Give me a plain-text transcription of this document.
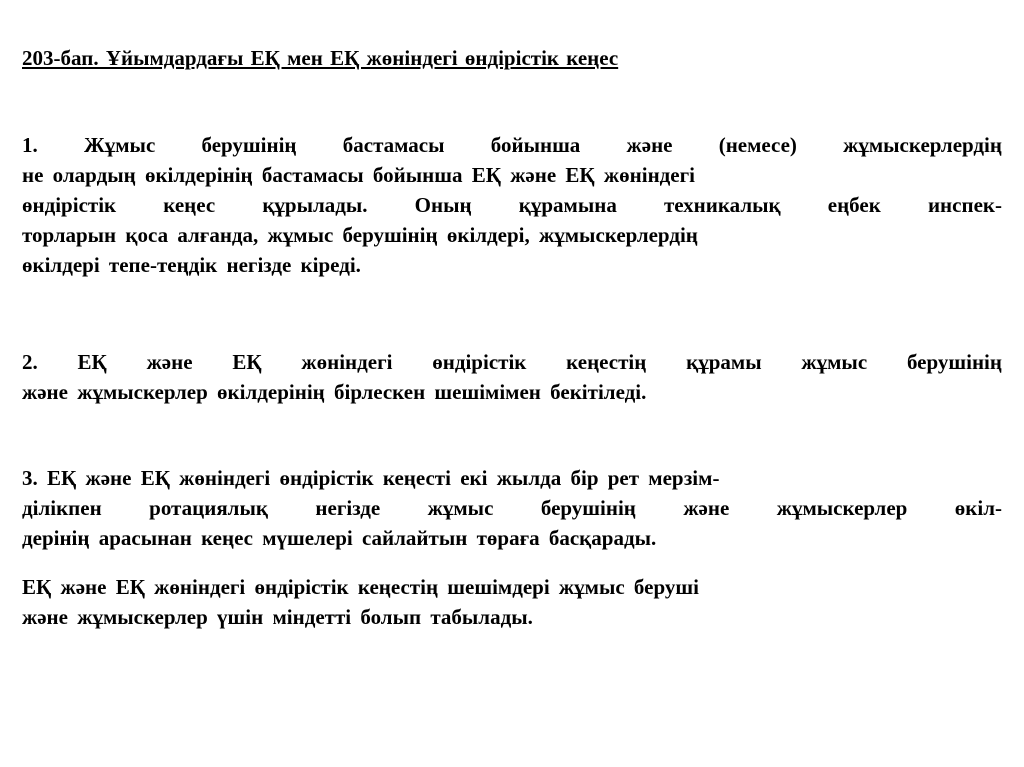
203-бап. Ұйымдардағы ЕҚ мен ЕҚ жөніндегі өндірістік кеңес
1. Жұмыс берушінің бастамасы бойынша және (немесе) жұмыскерлердің
не олардың өкілдерінің бастамасы бойынша ЕҚ және ЕҚ жөніндегі
өндірістік кеңес құрылады. Оның құрамына техникалық еңбек инспек-
торларын қоса алғанда, жұмыс берушінің өкілдері, жұмыскерлердің
өкілдері тепе-теңдік негізде кіреді.
2. ЕҚ және ЕҚ жөніндегі өндірістік кеңестің құрамы жұмыс берушінің
және жұмыскерлер өкілдерінің бірлескен шешімімен бекітіледі.
3. ЕҚ және ЕҚ жөніндегі өндірістік кеңесті екі жылда бір рет мерзім-
ділікпен ротациялық негізде жұмыс берушінің және жұмыскерлер өкіл-
дерінің арасынан кеңес мүшелері сайлайтын төраға басқарады.
ЕҚ және ЕҚ жөніндегі өндірістік кеңестің шешімдері жұмыс беруші
және жұмыскерлер үшін міндетті болып табылады.
